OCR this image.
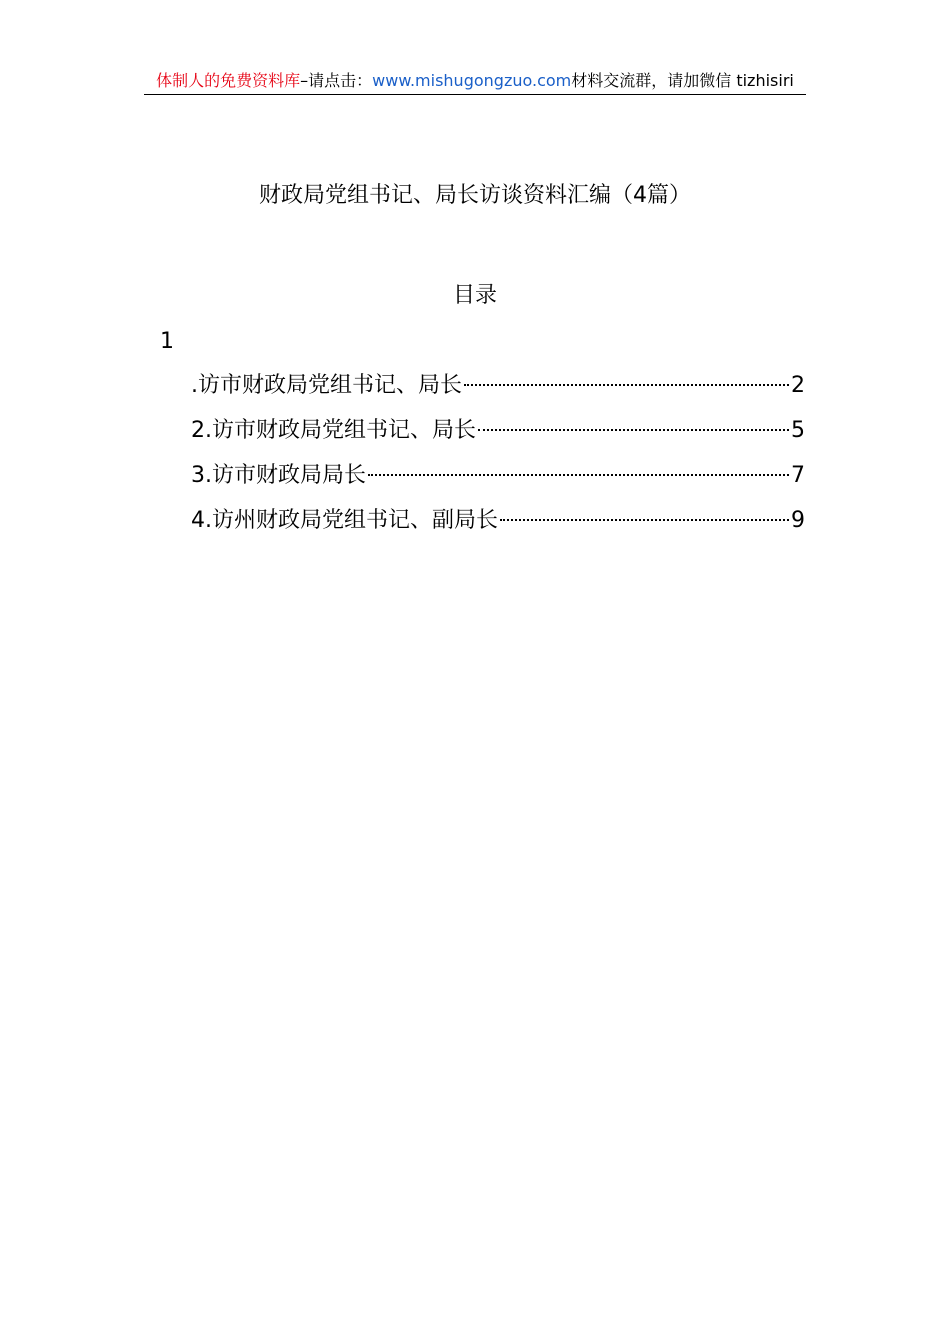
体制人的免费资料库–请点击：www.mishugongzuo.com材料交流群，请加微信 tizhisiri
财政局党组书记、局长访谈资料汇编（4篇）
目录
1
.访市财政局党组书记、局长	2
2.访市财政局党组书记、局长	5
3.访市财政局局长	7
4.访州财政局党组书记、副局长	9
